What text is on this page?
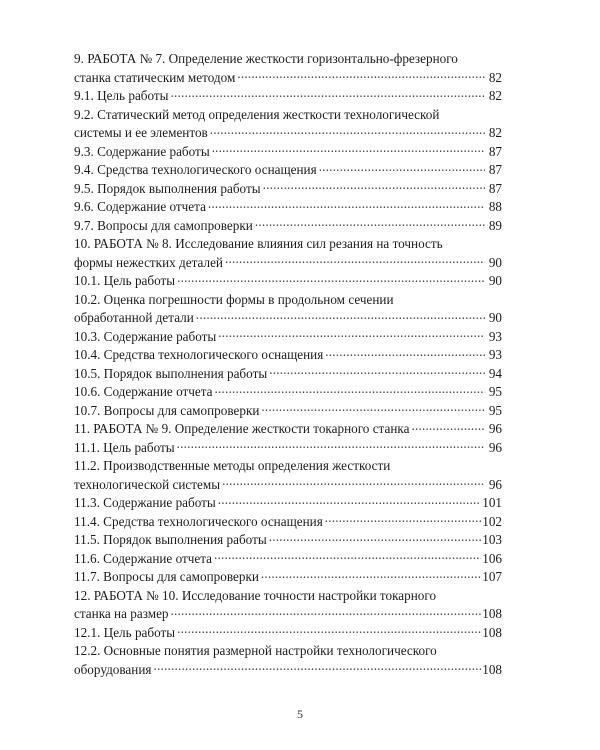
9. РАБОТА № 7. Определение жесткости горизонтально-фрезерного
станка статическим методом .....	82
9.1. Цель работы .....	82
9.2. Статический метод определения жесткости технологической
системы и ее элементов .....	82
9.3. Содержание работы .....	87
9.4. Средства технологического оснащения .....	87
9.5. Порядок выполнения работы .....	87
9.6. Содержание отчета .....	88
9.7. Вопросы для самопроверки .....	89
10. РАБОТА № 8. Исследование влияния сил резания на точность
формы нежестких деталей .....	90
10.1. Цель работы .....	90
10.2. Оценка погрешности формы в продольном сечении
обработанной детали .....	90
10.3. Содержание работы .....	93
10.4. Средства технологического оснащения .....	93
10.5. Порядок выполнения работы .....	94
10.6. Содержание отчета .....	95
10.7. Вопросы для самопроверки .....	95
11. РАБОТА № 9. Определение жесткости токарного станка .....	96
11.1. Цель работы .....	96
11.2. Производственные методы определения жесткости
технологической системы .....	96
11.3. Содержание работы .....	101
11.4. Средства технологического оснащения .....	102
11.5. Порядок выполнения работы .....	103
11.6. Содержание отчета .....	106
11.7. Вопросы для самопроверки .....	107
12. РАБОТА № 10. Исследование точности настройки токарного
станка на размер .....	108
12.1. Цель работы .....	108
12.2. Основные понятия размерной настройки технологического
оборудования .....	108
5
